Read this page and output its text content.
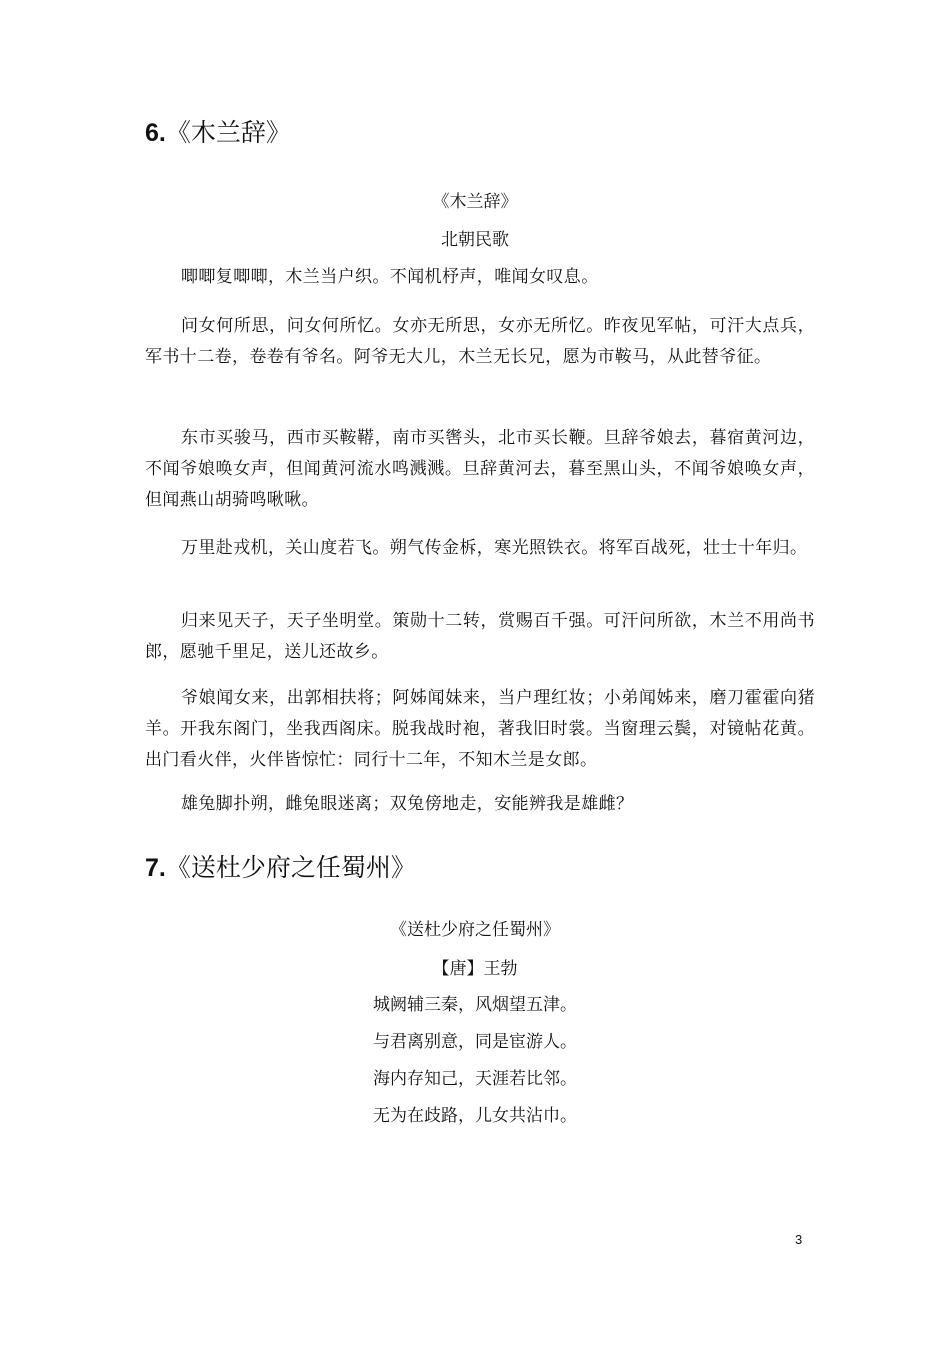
6.《木兰辞》

《木兰辞》

北朝民歌

唧唧复唧唧，木兰当户织。不闻机杼声，唯闻女叹息。

问女何所思，问女何所忆。女亦无所思，女亦无所忆。昨夜见军帖，可汗大点兵，军书十二卷，卷卷有爷名。阿爷无大儿，木兰无长兄，愿为市鞍马，从此替爷征。

东市买骏马，西市买鞍鞯，南市买辔头，北市买长鞭。旦辞爷娘去，暮宿黄河边，不闻爷娘唤女声，但闻黄河流水鸣溅溅。旦辞黄河去，暮至黑山头，不闻爷娘唤女声，但闻燕山胡骑鸣啾啾。

万里赴戎机，关山度若飞。朔气传金柝，寒光照铁衣。将军百战死，壮士十年归。

归来见天子，天子坐明堂。策勋十二转，赏赐百千强。可汗问所欲，木兰不用尚书郎，愿驰千里足，送儿还故乡。

爷娘闻女来，出郭相扶将；阿姊闻妹来，当户理红妆；小弟闻姊来，磨刀霍霍向猪羊。开我东阁门，坐我西阁床。脱我战时袍，著我旧时裳。当窗理云鬓，对镜帖花黄。出门看火伴，火伴皆惊忙：同行十二年，不知木兰是女郎。

雄兔脚扑朔，雌兔眼迷离；双兔傍地走，安能辨我是雄雌？

7.《送杜少府之任蜀州》

《送杜少府之任蜀州》

【唐】王勃

城阙辅三秦，风烟望五津。

与君离别意，同是宦游人。

海内存知己，天涯若比邻。

无为在歧路，儿女共沾巾。

3
